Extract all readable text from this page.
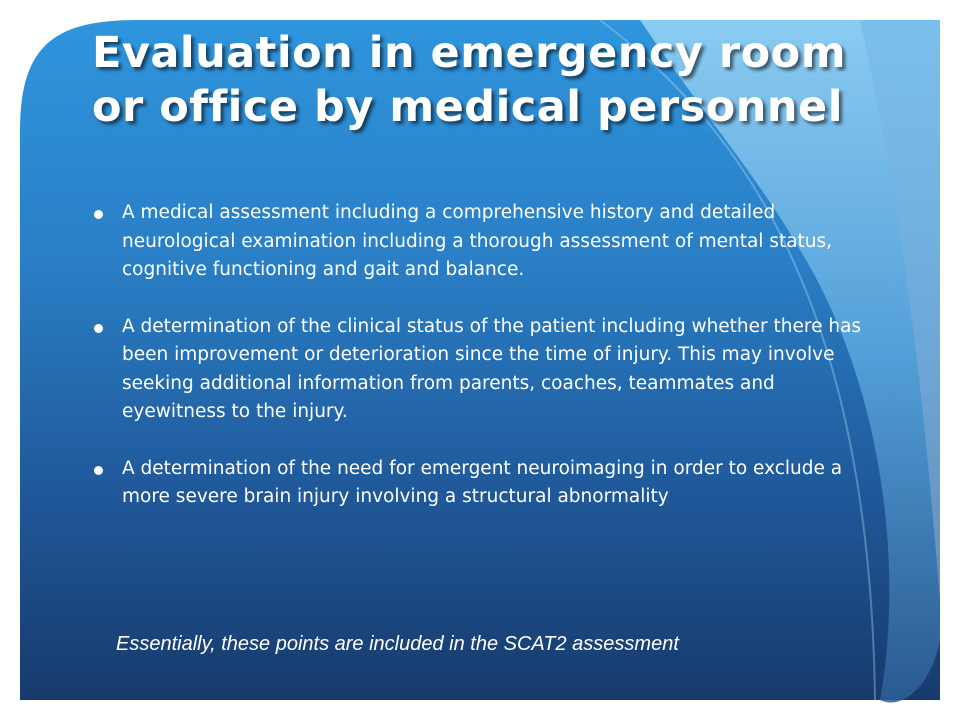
Evaluation in emergency room
or office by medical personnel
A medical assessment including a comprehensive history and detailed neurological examination including a thorough assessment of mental status, cognitive functioning and gait and balance.
A determination of the clinical status of the patient including whether there has been improvement or deterioration since the time of injury. This may involve seeking additional information from parents, coaches, teammates and eyewitness to the injury.
A determination of the need for emergent neuroimaging in order to exclude a more severe brain injury involving a structural abnormality

Essentially, these points are included in the SCAT2 assessment
